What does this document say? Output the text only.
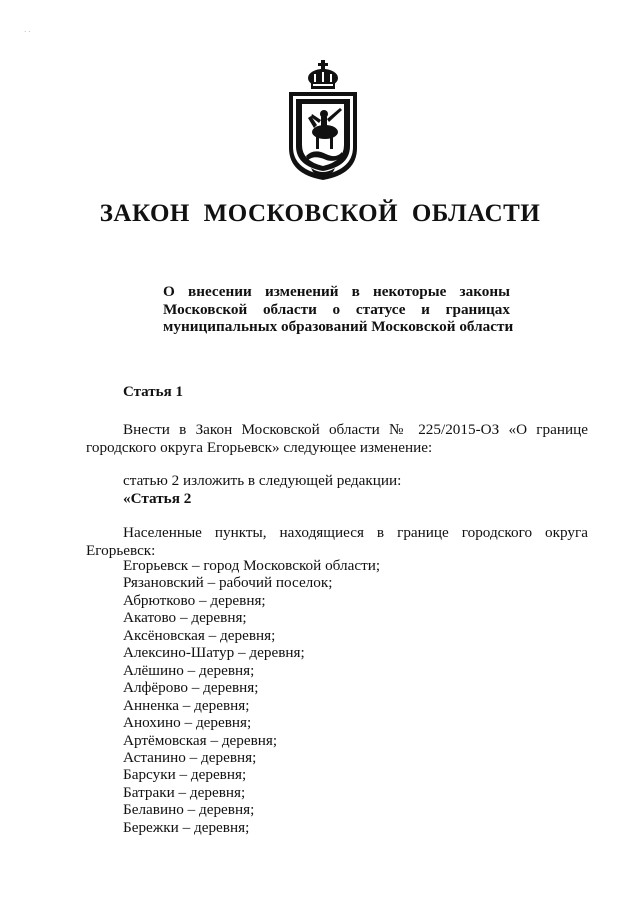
· ·
ЗАКОН МОСКОВСКОЙ ОБЛАСТИ
О внесении изменений в некоторые законы
Московской области о статусе и границах
муниципальных образований Московской области
Статья 1
Внести в Закон Московской области № 225/2015-ОЗ «О границе
городского округа Егорьевск» следующее изменение:
статью 2 изложить в следующей редакции:
«Статья 2
Населенные пункты, находящиеся в границе городского округа
Егорьевск:
Егорьевск – город Московской области;
Рязановский – рабочий поселок;
Абрютково – деревня;
Акатово – деревня;
Аксёновская – деревня;
Алексино-Шатур – деревня;
Алёшино – деревня;
Алфёрово – деревня;
Анненка – деревня;
Анохино – деревня;
Артёмовская – деревня;
Астанино – деревня;
Барсуки – деревня;
Батраки – деревня;
Белавино – деревня;
Бережки – деревня;
